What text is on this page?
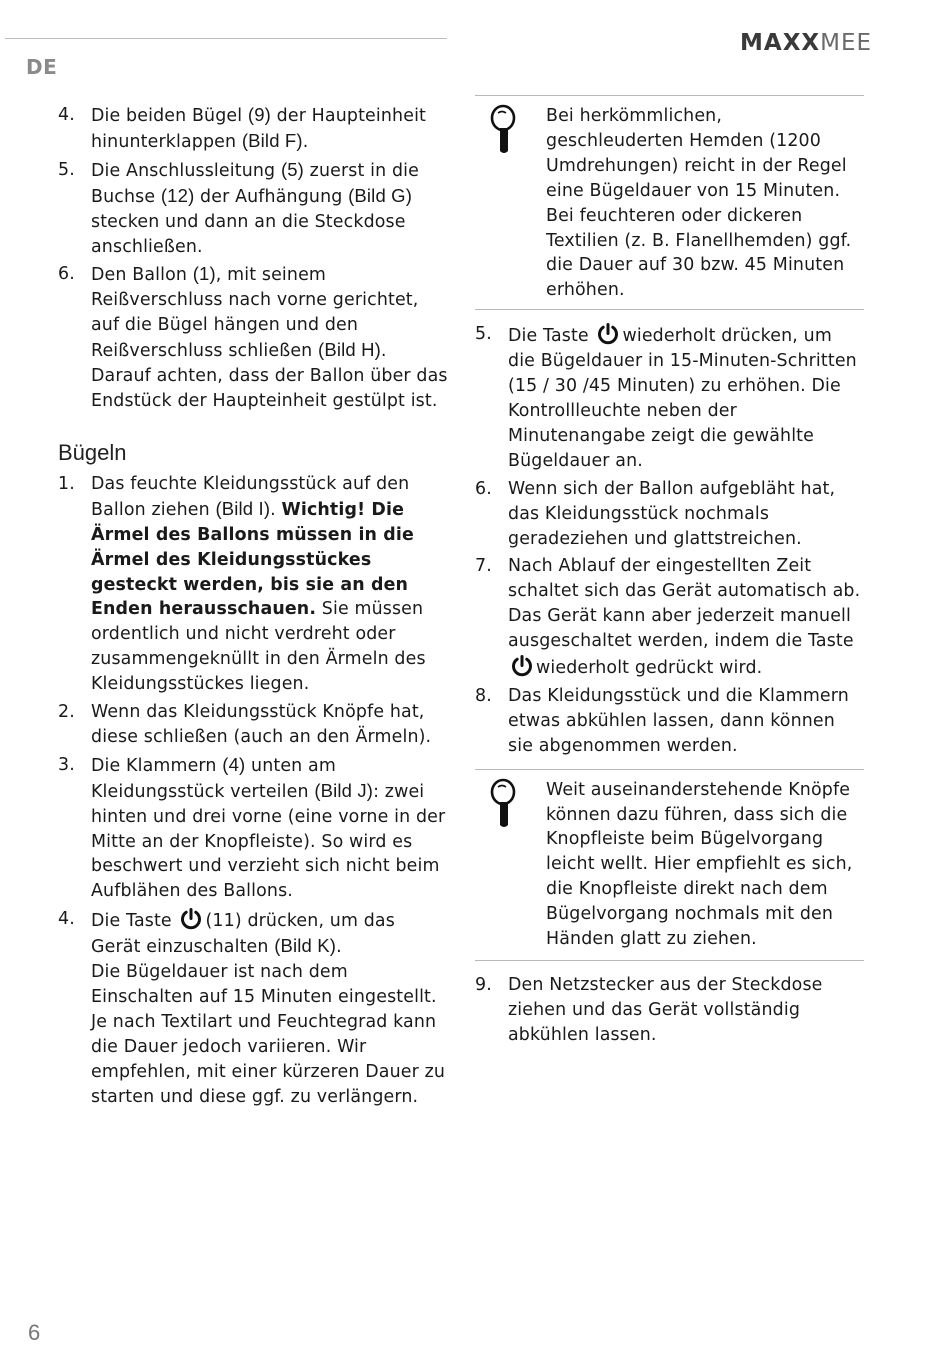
DE
MAXXMEE
4. Die beiden Bügel (9) der Haupteinheit hinunterklappen (Bild F).
5. Die Anschlussleitung (5) zuerst in die Buchse (12) der Aufhängung (Bild G) stecken und dann an die Steckdose anschließen.
6. Den Ballon (1), mit seinem Reißverschluss nach vorne gerichtet, auf die Bügel hängen und den Reißverschluss schließen (Bild H). Darauf achten, dass der Ballon über das Endstück der Haupteinheit gestülpt ist.
Bügeln
1. Das feuchte Kleidungsstück auf den Ballon ziehen (Bild I). Wichtig! Die Ärmel des Ballons müssen in die Ärmel des Kleidungsstückes gesteckt werden, bis sie an den Enden herausschauen. Sie müssen ordentlich und nicht verdreht oder zusammengeknüllt in den Ärmeln des Kleidungsstückes liegen.
2. Wenn das Kleidungsstück Knöpfe hat, diese schließen (auch an den Ärmeln).
3. Die Klammern (4) unten am Kleidungsstück verteilen (Bild J): zwei hinten und drei vorne (eine vorne in der Mitte an der Knopfleiste). So wird es beschwert und verzieht sich nicht beim Aufblähen des Ballons.
4. Die Taste (11) drücken, um das Gerät einzuschalten (Bild K).
Die Bügeldauer ist nach dem Einschalten auf 15 Minuten eingestellt. Je nach Textilart und Feuchtegrad kann die Dauer jedoch variieren. Wir empfehlen, mit einer kürzeren Dauer zu starten und diese ggf. zu verlängern.
Bei herkömmlichen, geschleuderten Hemden (1200 Umdrehungen) reicht in der Regel eine Bügeldauer von 15 Minuten.
Bei feuchteren oder dickeren Textilien (z. B. Flanellhemden) ggf. die Dauer auf 30 bzw. 45 Minuten erhöhen.
5. Die Taste wiederholt drücken, um die Bügeldauer in 15-Minuten-Schritten (15 / 30 /45 Minuten) zu erhöhen. Die Kontrollleuchte neben der Minutenangabe zeigt die gewählte Bügeldauer an.
6. Wenn sich der Ballon aufgebläht hat, das Kleidungsstück nochmals geradeziehen und glattstreichen.
7. Nach Ablauf der eingestellten Zeit schaltet sich das Gerät automatisch ab.
Das Gerät kann aber jederzeit manuell ausgeschaltet werden, indem die Taste wiederholt gedrückt wird.
8. Das Kleidungsstück und die Klammern etwas abkühlen lassen, dann können sie abgenommen werden.
Weit auseinanderstehende Knöpfe können dazu führen, dass sich die Knopfleiste beim Bügelvorgang leicht wellt. Hier empfiehlt es sich, die Knopfleiste direkt nach dem Bügelvorgang nochmals mit den Händen glatt zu ziehen.
9. Den Netzstecker aus der Steckdose ziehen und das Gerät vollständig abkühlen lassen.
6
